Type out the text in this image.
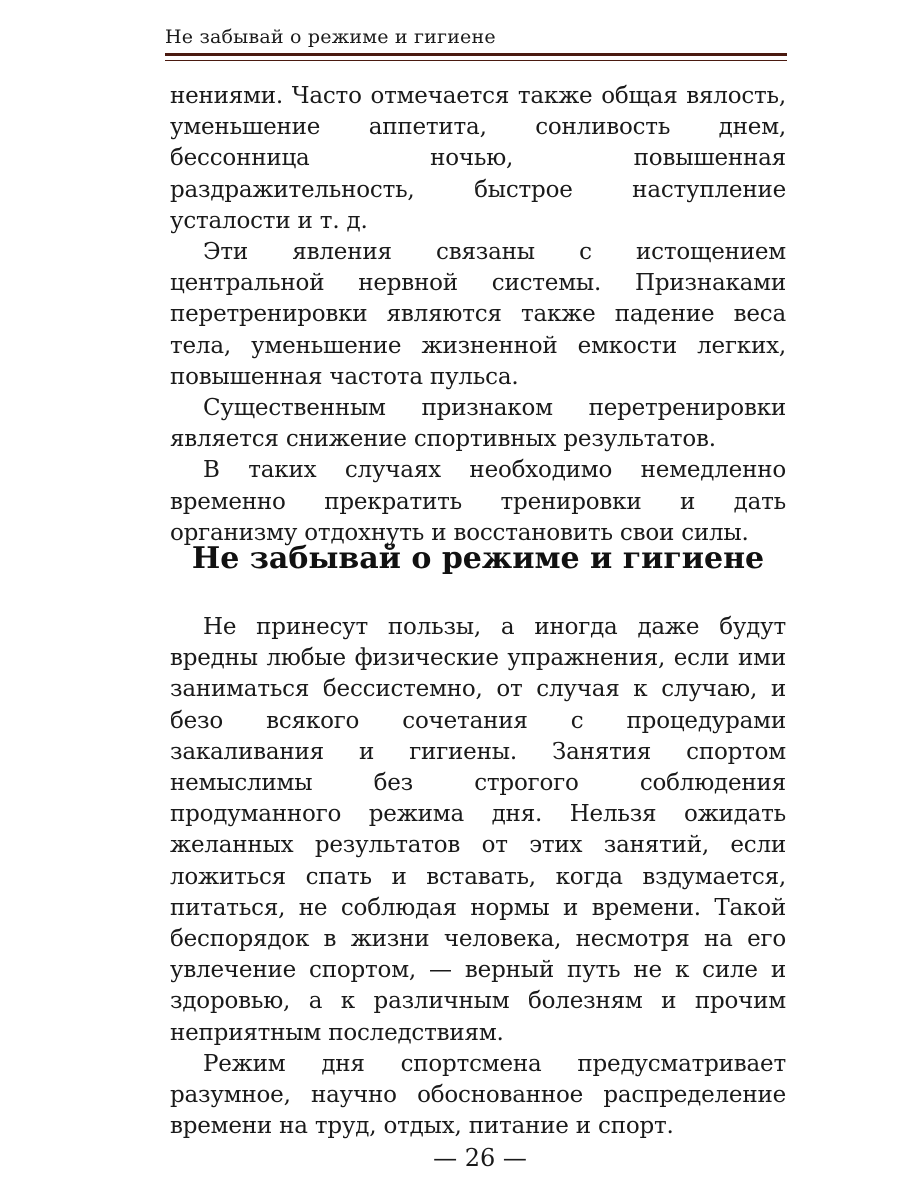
Не забывай о режиме и гигиене

нениями. Часто отмечается также общая вялость, уменьшение аппетита, сонливость днем, бессонница ночью, повышенная раздражительность, быстрое наступление усталости и т. д.

Эти явления связаны с истощением центральной нервной системы. Признаками перетренировки являются также падение веса тела, уменьшение жизненной емкости легких, повышенная частота пульса.

Существенным признаком перетренировки является снижение спортивных результатов.

В таких случаях необходимо немедленно временно прекратить тренировки и дать организму отдохнуть и восстановить свои силы.

Не забывай о режиме и гигиене

Не принесут пользы, а иногда даже будут вредны любые физические упражнения, если ими заниматься бессистемно, от случая к случаю, и безо всякого сочетания с процедурами закаливания и гигиены. Занятия спортом немыслимы без строгого соблюдения продуманного режима дня. Нельзя ожидать желанных результатов от этих занятий, если ложиться спать и вставать, когда вздумается, питаться, не соблюдая нормы и времени. Такой беспорядок в жизни человека, несмотря на его увлечение спортом, — верный путь не к силе и здоровью, а к различным болезням и прочим неприятным последствиям.

Режим дня спортсмена предусматривает разумное, научно обоснованное распределение времени на труд, отдых, питание и спорт.

— 26 —
